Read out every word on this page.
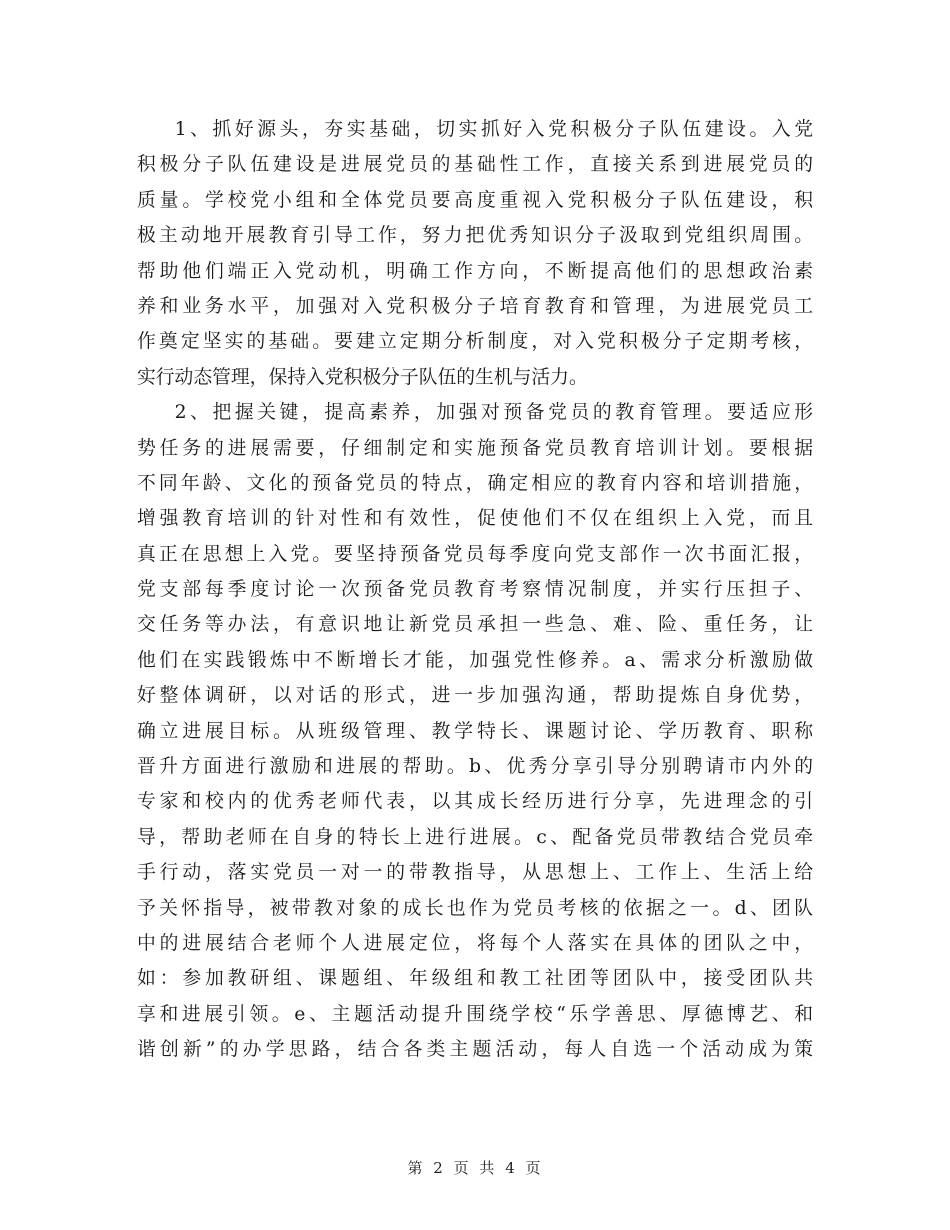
1、抓好源头，夯实基础，切实抓好入党积极分子队伍建设。入党
积极分子队伍建设是进展党员的基础性工作，直接关系到进展党员的
质量。学校党小组和全体党员要高度重视入党积极分子队伍建设，积
极主动地开展教育引导工作，努力把优秀知识分子汲取到党组织周围。
帮助他们端正入党动机，明确工作方向，不断提高他们的思想政治素
养和业务水平，加强对入党积极分子培育教育和管理，为进展党员工
作奠定坚实的基础。要建立定期分析制度，对入党积极分子定期考核，
实行动态管理，保持入党积极分子队伍的生机与活力。
2、把握关键，提高素养，加强对预备党员的教育管理。要适应形
势任务的进展需要，仔细制定和实施预备党员教育培训计划。要根据
不同年龄、文化的预备党员的特点，确定相应的教育内容和培训措施，
增强教育培训的针对性和有效性，促使他们不仅在组织上入党，而且
真正在思想上入党。要坚持预备党员每季度向党支部作一次书面汇报，
党支部每季度讨论一次预备党员教育考察情况制度，并实行压担子、
交任务等办法，有意识地让新党员承担一些急、难、险、重任务，让
他们在实践锻炼中不断增长才能，加强党性修养。a、需求分析激励做
好整体调研，以对话的形式，进一步加强沟通，帮助提炼自身优势，
确立进展目标。从班级管理、教学特长、课题讨论、学历教育、职称
晋升方面进行激励和进展的帮助。b、优秀分享引导分别聘请市内外的
专家和校内的优秀老师代表，以其成长经历进行分享，先进理念的引
导，帮助老师在自身的特长上进行进展。c、配备党员带教结合党员牵
手行动，落实党员一对一的带教指导，从思想上、工作上、生活上给
予关怀指导，被带教对象的成长也作为党员考核的依据之一。d、团队
中的进展结合老师个人进展定位，将每个人落实在具体的团队之中，
如：参加教研组、课题组、年级组和教工社团等团队中，接受团队共
享和进展引领。e、主题活动提升围绕学校“乐学善思、厚德博艺、和
谐创新”的办学思路，结合各类主题活动，每人自选一个活动成为策
第 2 页 共 4 页
